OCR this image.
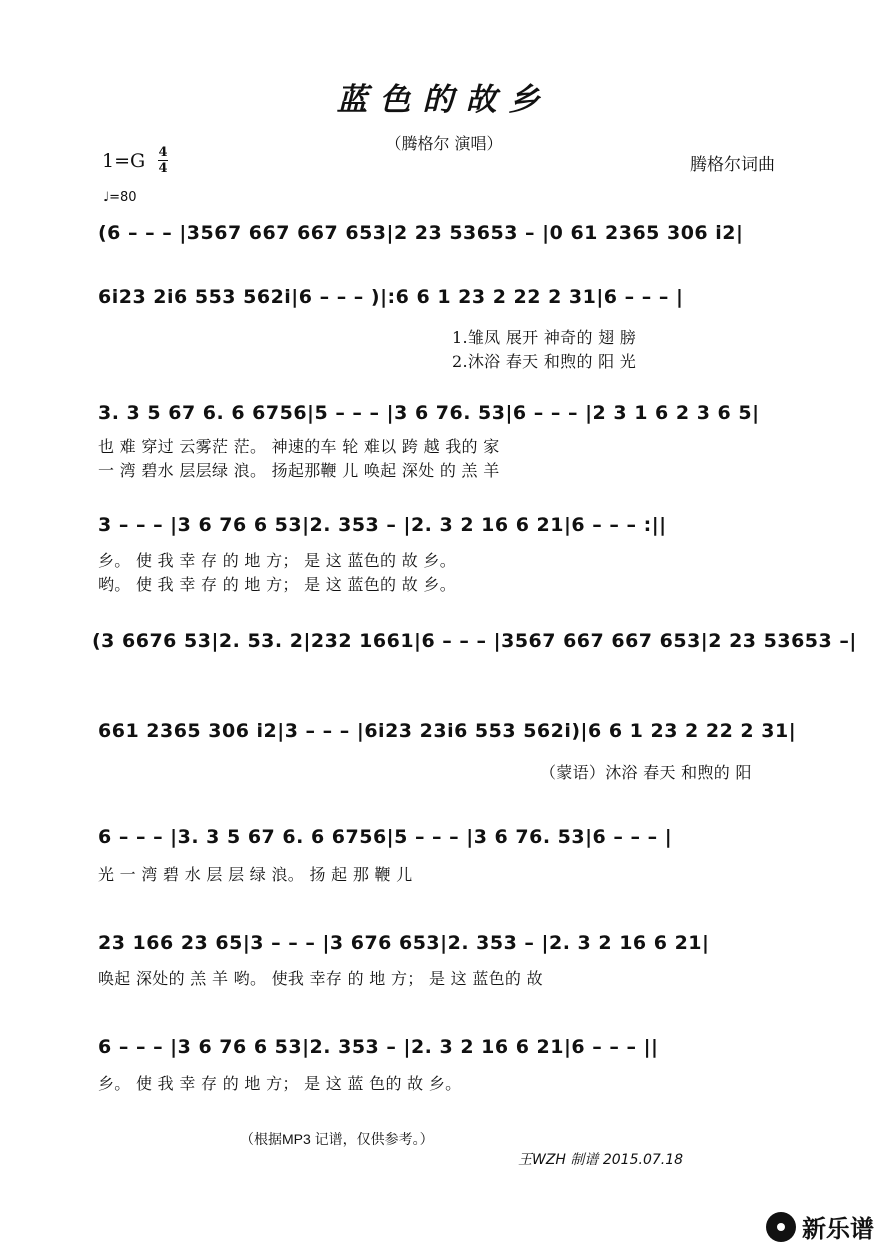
蓝色的故乡
（腾格尔 演唱）
1=G 4
4	腾格尔词曲
♩=80
(6 – – – |3567 667 667 653|2 23 53653 – |0 61 2365 306 i2|
6i23 2i6 553 562i|6 – – – )|:6 6 1 23 2 22 2 31|6 – – – |
1.雏凤 展开 神奇的 翅 膀
2.沐浴 春天 和煦的 阳 光
3. 3 5 67 6. 6 6756|5 – – – |3 6 76. 53|6 – – – |2 3 1 6 2 3 6 5|
也 难 穿过 云雾茫 茫。 神速的车 轮 难以 跨 越 我的 家
一 湾 碧水 层层绿 浪。 扬起那鞭 儿 唤起 深处 的 羔 羊
3 – – – |3 6 76 6 53|2. 353 – |2. 3 2 16 6 21|6 – – – :||
乡。 使 我 幸 存 的 地 方； 是 这 蓝色的 故 乡。
哟。 使 我 幸 存 的 地 方； 是 这 蓝色的 故 乡。
(3 6676 53|2. 53. 2|232 1661|6 – – – |3567 667 667 653|2 23 53653 –|
661 2365 306 i2|3 – – – |6i23 23i6 553 562i)|6 6 1 23 2 22 2 31|
（蒙语）沐浴 春天 和煦的 阳
6 – – – |3. 3 5 67 6. 6 6756|5 – – – |3 6 76. 53|6 – – – |
光 一 湾 碧 水 层 层 绿 浪。 扬 起 那 鞭 儿
23 166 23 65|3 – – – |3 676 653|2. 353 – |2. 3 2 16 6 21|
唤起 深处的 羔 羊 哟。 使我 幸存 的 地 方； 是 这 蓝色的 故
6 – – – |3 6 76 6 53|2. 353 – |2. 3 2 16 6 21|6 – – – ||
乡。 使 我 幸 存 的 地 方； 是 这 蓝 色的 故 乡。
（根据MP3 记谱，仅供参考。）
王WZH 制谱 2015.07.18
新乐谱
